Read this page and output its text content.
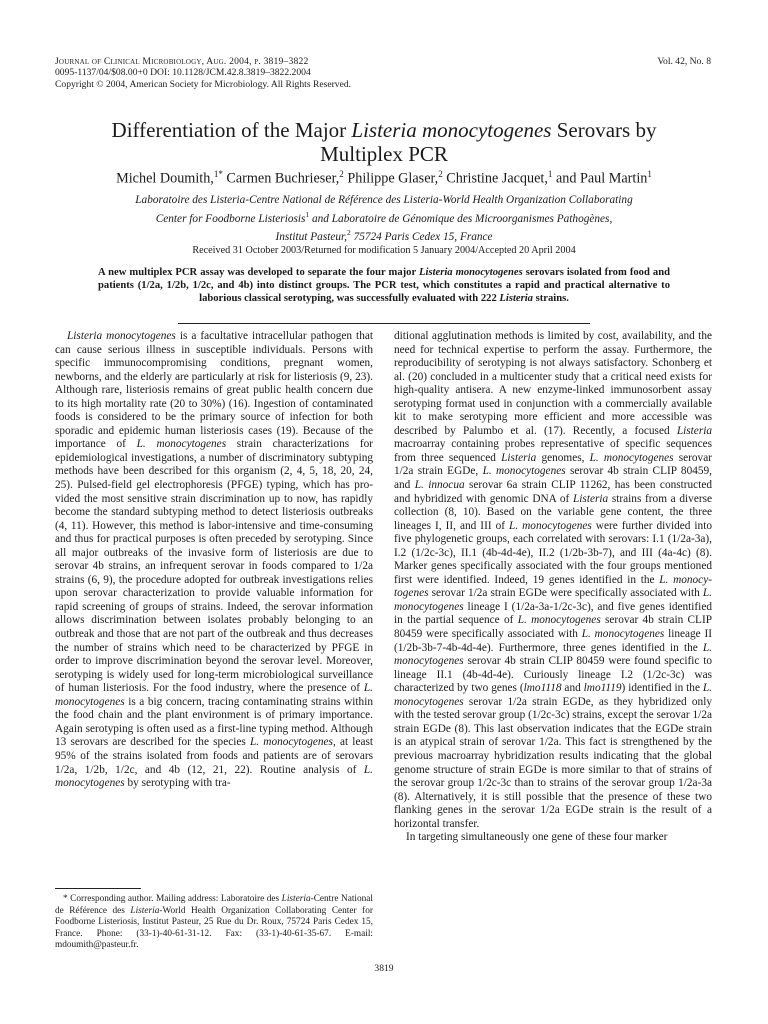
Journal of Clinical Microbiology, Aug. 2004, p. 3819–3822	Vol. 42, No. 8
0095-1137/04/$08.00+0 DOI: 10.1128/JCM.42.8.3819–3822.2004
Copyright © 2004, American Society for Microbiology. All Rights Reserved.
Differentiation of the Major Listeria monocytogenes Serovars by
Multiplex PCR
Michel Doumith,$^{1*}$ Carmen Buchrieser,$^2$ Philippe Glaser,$^2$ Christine Jacquet,$^1$ and Paul Martin$^1$
Laboratoire des Listeria-Centre National de Référence des Listeria-World Health Organization Collaborating
Center for Foodborne Listeriosis$^1$ and Laboratoire de Génomique des Microorganismes Pathogènes,
Institut Pasteur,$^2$ 75724 Paris Cedex 15, France
Received 31 October 2003/Returned for modification 5 January 2004/Accepted 20 April 2004
A new multiplex PCR assay was developed to separate the four major Listeria monocytogenes serovars isolated from food and patients (1/2a, 1/2b, 1/2c, and 4b) into distinct groups. The PCR test, which constitutes a rapid and practical alternative to laborious classical serotyping, was successfully evaluated with 222 Listeria strains.

Listeria monocytogenes is a facultative intracellular pathogen that can cause serious illness in susceptible individuals. Persons with specific immunocompromising conditions, pregnant women, newborns, and the elderly are particularly at risk for listeriosis (9, 23). Although rare, listeriosis remains of great public health concern due to its high mortality rate (20 to 30%) (16). Ingestion of contaminated foods is considered to be the primary source of infection for both sporadic and epidemic human listeriosis cases (19). Because of the importance of L. monocytogenes strain characterizations for epidemiological investigations, a number of discriminatory subtyping methods have been described for this organism (2, 4, 5, 18, 20, 24, 25). Pulsed-field gel electrophoresis (PFGE) typing, which has provided the most sensitive strain discrimination up to now, has rapidly become the standard subtyping method to detect listeriosis outbreaks (4, 11). However, this method is labor-intensive and time-consuming and thus for practical purposes is often preceded by serotyping. Since all major outbreaks of the invasive form of listeriosis are due to serovar 4b strains, an infrequent serovar in foods compared to 1/2a strains (6, 9), the procedure adopted for outbreak investigations relies upon serovar characterization to provide valuable information for rapid screening of groups of strains. Indeed, the serovar information allows discrimination between isolates probably belonging to an outbreak and those that are not part of the outbreak and thus decreases the number of strains which need to be characterized by PFGE in order to improve discrimination beyond the serovar level. Moreover, serotyping is widely used for long-term microbiological surveillance of human listeriosis. For the food industry, where the presence of L. monocytogenes is a big concern, tracing contaminating strains within the food chain and the plant environment is of primary importance. Again serotyping is often used as a first-line typing method. Although 13 serovars are described for the species L. monocytogenes, at least 95% of the strains isolated from foods and patients are of serovars 1/2a, 1/2b, 1/2c, and 4b (12, 21, 22). Routine analysis of L. monocytogenes by serotyping with tra-

ditional agglutination methods is limited by cost, availability, and the need for technical expertise to perform the assay. Furthermore, the reproducibility of serotyping is not always satisfactory. Schonberg et al. (20) concluded in a multicenter study that a critical need exists for high-quality antisera. A new enzyme-linked immunosorbent assay serotyping format used in conjunction with a commercially available kit to make serotyping more efficient and more accessible was described by Palumbo et al. (17). Recently, a focused Listeria macroarray containing probes representative of specific sequences from three sequenced Listeria genomes, L. monocytogenes serovar 1/2a strain EGDe, L. monocytogenes serovar 4b strain CLIP 80459, and L. innocua serovar 6a strain CLIP 11262, has been constructed and hybridized with genomic DNA of Listeria strains from a diverse collection (8, 10). Based on the variable gene content, the three lineages I, II, and III of L. monocytogenes were further divided into five phylogenetic groups, each correlated with serovars: I.1 (1/2a-3a), I.2 (1/2c-3c), II.1 (4b-4d-4e), II.2 (1/2b-3b-7), and III (4a-4c) (8). Marker genes specifically associated with the four groups mentioned first were identified. Indeed, 19 genes identified in the L. monocytogenes serovar 1/2a strain EGDe were specifically associated with L. monocytogenes lineage I (1/2a-3a-1/2c-3c), and five genes identified in the partial sequence of L. monocytogenes serovar 4b strain CLIP 80459 were specifically associated with L. monocytogenes lineage II (1/2b-3b-7-4b-4d-4e). Furthermore, three genes identified in the L. monocytogenes serovar 4b strain CLIP 80459 were found specific to lineage II.1 (4b-4d-4e). Curiously lineage I.2 (1/2c-3c) was characterized by two genes (lmo1118 and lmo1119) identified in the L. monocytogenes serovar 1/2a strain EGDe, as they hybridized only with the tested serovar group (1/2c-3c) strains, except the serovar 1/2a strain EGDe (8). This last observation indicates that the EGDe strain is an atypical strain of serovar 1/2a. This fact is strengthened by the previous macroarray hybridization results indicating that the global genome structure of strain EGDe is more similar to that of strains of the serovar group 1/2c-3c than to strains of the serovar group 1/2a-3a (8). Alternatively, it is still possible that the presence of these two flanking genes in the serovar 1/2a EGDe strain is the result of a horizontal transfer.

In targeting simultaneously one gene of these four marker

* Corresponding author. Mailing address: Laboratoire des Listeria-Centre National de Référence des Listeria-World Health Organization Collaborating Center for Foodborne Listeriosis, Institut Pasteur, 25 Rue du Dr. Roux, 75724 Paris Cedex 15, France. Phone: (33-1)-40-61-31-12. Fax: (33-1)-40-61-35-67. E-mail: mdoumith@pasteur.fr.
3819
